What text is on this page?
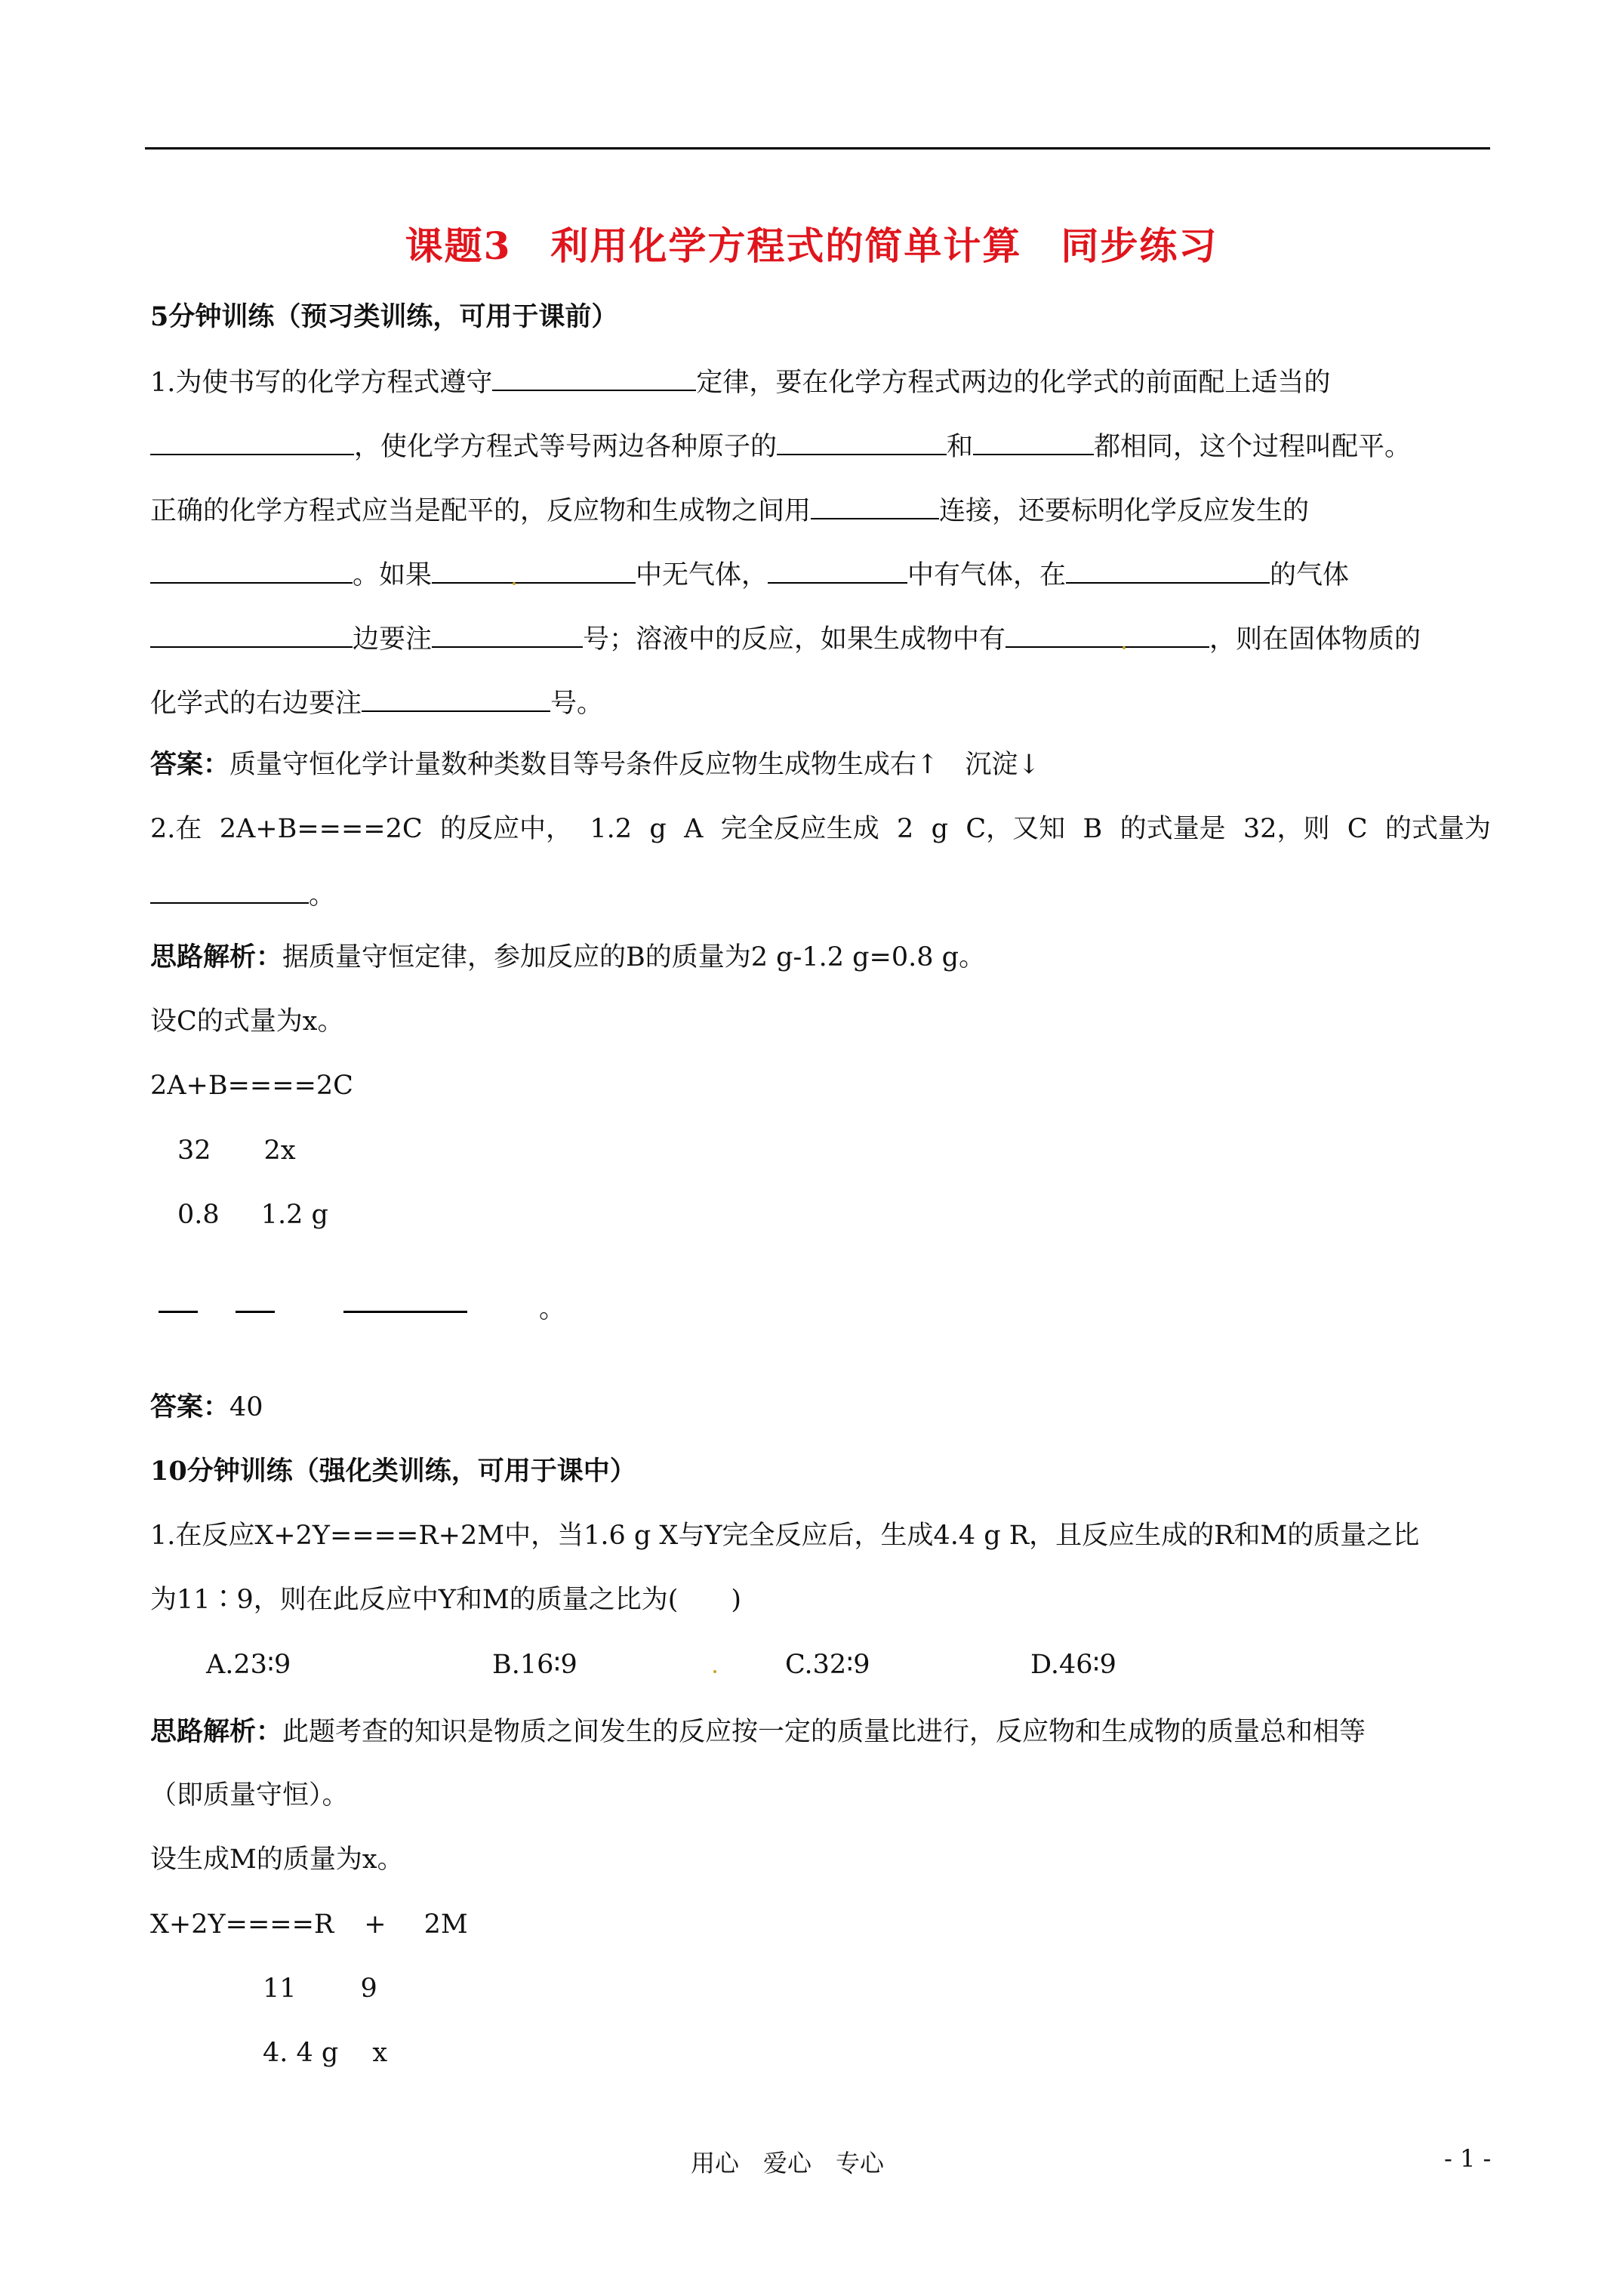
课题3　利用化学方程式的简单计算　同步练习
5分钟训练（预习类训练，可用于课前）
1.为使书写的化学方程式遵守	定律，要在化学方程式两边的化学式的前面配上适当的
，使化学方程式等号两边各种原子的	和	都相同，这个过程叫配平。
正确的化学方程式应当是配平的，反应物和生成物之间用	连接，还要标明化学反应发生的
。如果	中无气体，	中有气体，在	的气体
边要注	号；溶液中的反应，如果生成物中有	，则在固体物质的
化学式的右边要注	号。
答案：质量守恒化学计量数种类数目等号条件反应物生成物生成右↑　沉淀↓
2.在 2A+B====2C 的反应中， 1.2 g A 完全反应生成 2 g C，又知 B 的式量是 32，则 C 的式量为
。
思路解析：据质量守恒定律，参加反应的B的质量为2 g-1.2 g=0.8 g。
设C的式量为x。
2A+B====2C
32 2x
0.8 1.2 g
。
答案：40
10分钟训练（强化类训练，可用于课中）
1.在反应X+2Y====R+2M中，当1.6 g X与Y完全反应后，生成4.4 g R，且反应生成的R和M的质量之比
为11∶9，则在此反应中Y和M的质量之比为(　　)
A.23∶9	B.16∶9	C.32∶9	D.46∶9
思路解析：此题考查的知识是物质之间发生的反应按一定的质量比进行，反应物和生成物的质量总和相等
（即质量守恒）。
设生成M的质量为x。
X+2Y====R + 2M
11 9
4. 4 g x
用心　爱心　专心	- 1 -
